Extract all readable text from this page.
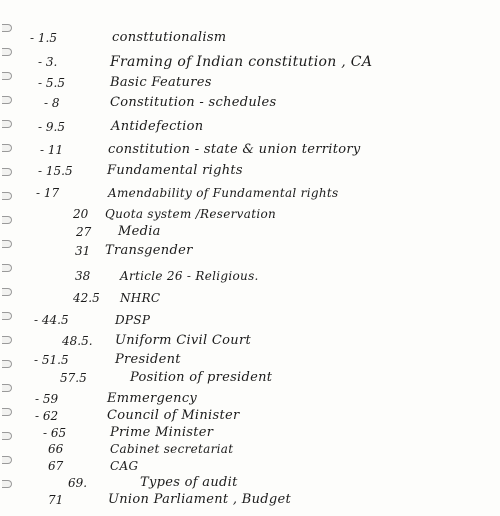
- 1.5	consttutionalism
- 3.	Framing of Indian constitution , CA
- 5.5	Basic Features
- 8	Constitution - schedules
- 9.5	Antidefection
- 11	constitution - state & union territory
- 15.5	Fundamental rights
- 17	Amendability of Fundamental rights
20 Quota system /Reservation
27 Media
31 Transgender
38 Article 26 - Religious.
42.5 NHRC
- 44.5	DPSP
48.5. Uniform Civil Court
- 51.5	President
57.5	Position of president
- 59	Emmergency
- 62	Council of Minister
- 65	Prime Minister
66	Cabinet secretariat
67	CAG
69.	Types of audit
71	Union Parliament , Budget
